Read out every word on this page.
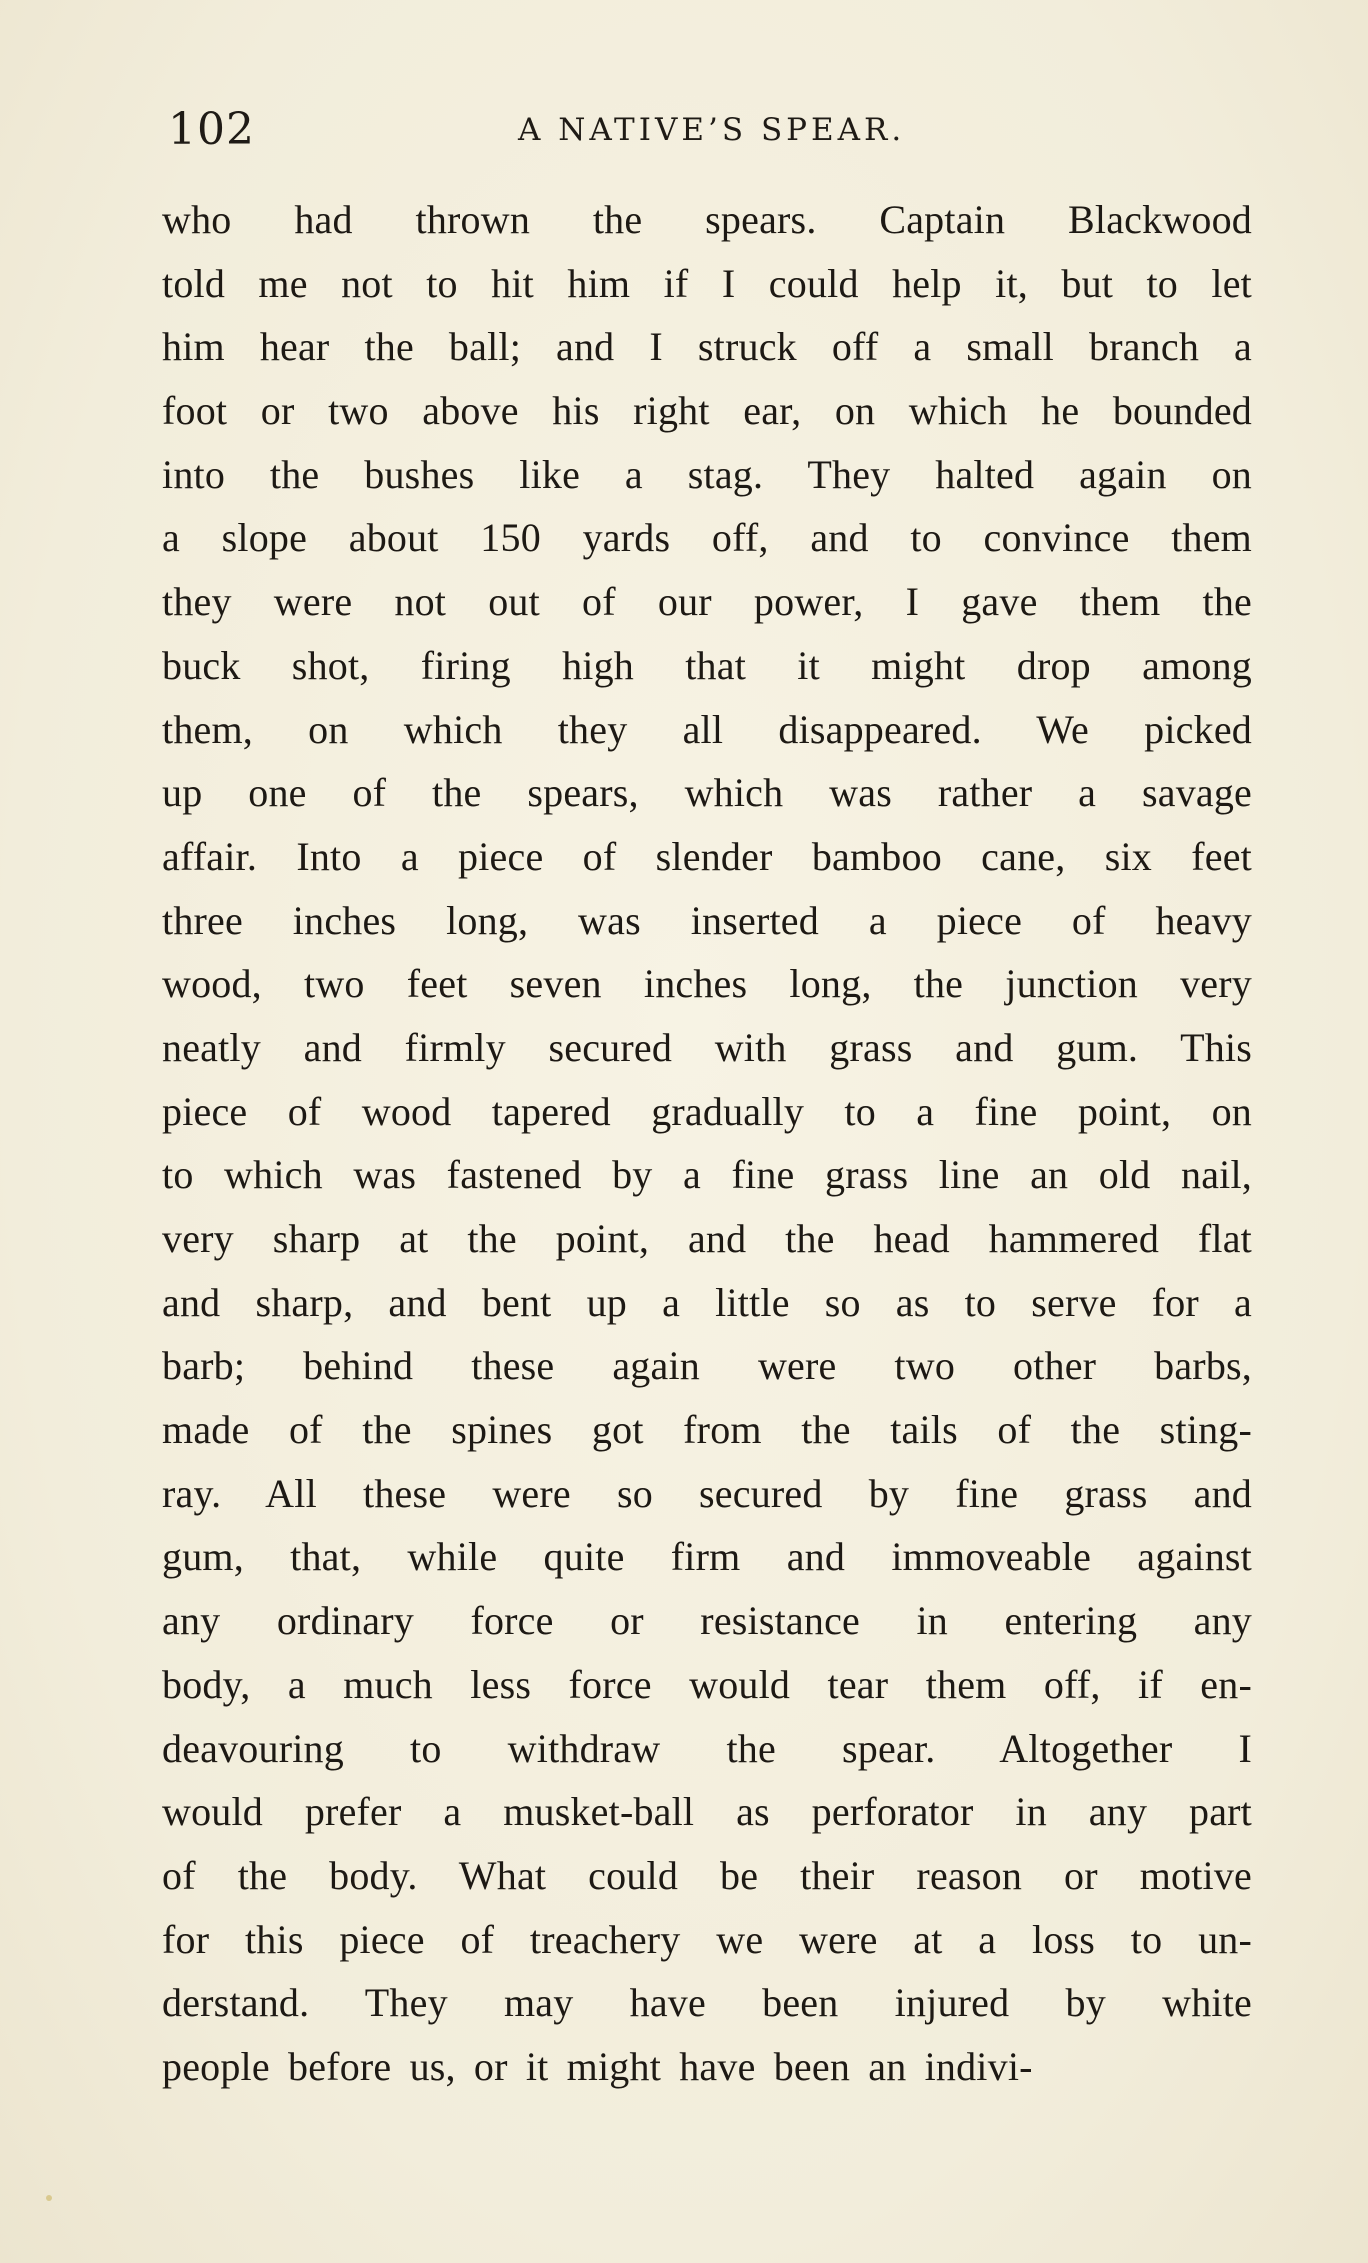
102	A NATIVE’S SPEAR.
who had thrown the spears. Captain Blackwood
told me not to hit him if I could help it, but to let
him hear the ball; and I struck off a small branch a
foot or two above his right ear, on which he bounded
into the bushes like a stag. They halted again on
a slope about 150 yards off, and to convince them
they were not out of our power, I gave them the
buck shot, firing high that it might drop among
them, on which they all disappeared. We picked
up one of the spears, which was rather a savage
affair. Into a piece of slender bamboo cane, six feet
three inches long, was inserted a piece of heavy
wood, two feet seven inches long, the junction very
neatly and firmly secured with grass and gum. This
piece of wood tapered gradually to a fine point, on
to which was fastened by a fine grass line an old nail,
very sharp at the point, and the head hammered flat
and sharp, and bent up a little so as to serve for a
barb; behind these again were two other barbs,
made of the spines got from the tails of the sting-
ray. All these were so secured by fine grass and
gum, that, while quite firm and immoveable against
any ordinary force or resistance in entering any
body, a much less force would tear them off, if en-
deavouring to withdraw the spear. Altogether I
would prefer a musket-ball as perforator in any part
of the body. What could be their reason or motive
for this piece of treachery we were at a loss to un-
derstand. They may have been injured by white
people before us, or it might have been an indivi-
